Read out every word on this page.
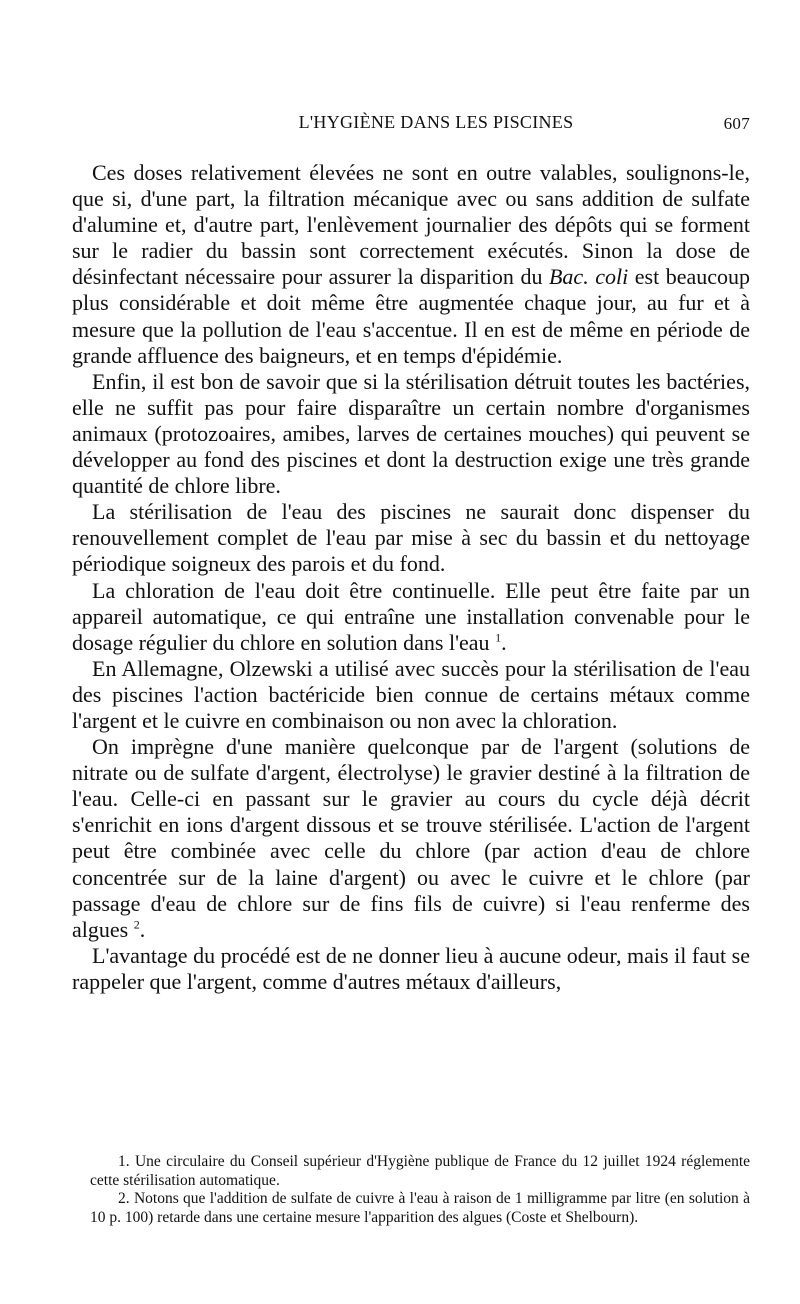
L'HYGIÈNE DANS LES PISCINES	607

Ces doses relativement élevées ne sont en outre valables, soulignons-le, que si, d'une part, la filtration mécanique avec ou sans addition de sulfate d'alumine et, d'autre part, l'enlèvement journalier des dépôts qui se forment sur le radier du bassin sont correctement exécutés. Sinon la dose de désinfectant nécessaire pour assurer la disparition du Bac. coli est beaucoup plus considérable et doit même être augmentée chaque jour, au fur et à mesure que la pollution de l'eau s'accentue. Il en est de même en période de grande affluence des baigneurs, et en temps d'épidémie.

Enfin, il est bon de savoir que si la stérilisation détruit toutes les bactéries, elle ne suffit pas pour faire disparaître un certain nombre d'organismes animaux (protozoaires, amibes, larves de certaines mouches) qui peuvent se développer au fond des piscines et dont la destruction exige une très grande quantité de chlore libre.

La stérilisation de l'eau des piscines ne saurait donc dispenser du renouvellement complet de l'eau par mise à sec du bassin et du nettoyage périodique soigneux des parois et du fond.

La chloration de l'eau doit être continuelle. Elle peut être faite par un appareil automatique, ce qui entraîne une installation convenable pour le dosage régulier du chlore en solution dans l'eau $^1$.

En Allemagne, Olzewski a utilisé avec succès pour la stérilisation de l'eau des piscines l'action bactéricide bien connue de certains métaux comme l'argent et le cuivre en combinaison ou non avec la chloration.

On imprègne d'une manière quelconque par de l'argent (solutions de nitrate ou de sulfate d'argent, électrolyse) le gravier destiné à la filtration de l'eau. Celle-ci en passant sur le gravier au cours du cycle déjà décrit s'enrichit en ions d'argent dissous et se trouve stérilisée. L'action de l'argent peut être combinée avec celle du chlore (par action d'eau de chlore concentrée sur de la laine d'argent) ou avec le cuivre et le chlore (par passage d'eau de chlore sur de fins fils de cuivre) si l'eau renferme des algues $^2$.

L'avantage du procédé est de ne donner lieu à aucune odeur, mais il faut se rappeler que l'argent, comme d'autres métaux d'ailleurs,

1. Une circulaire du Conseil supérieur d'Hygiène publique de France du 12 juillet 1924 réglemente cette stérilisation automatique.

2. Notons que l'addition de sulfate de cuivre à l'eau à raison de 1 milligramme par litre (en solution à 10 p. 100) retarde dans une certaine mesure l'apparition des algues (Coste et Shelbourn).
